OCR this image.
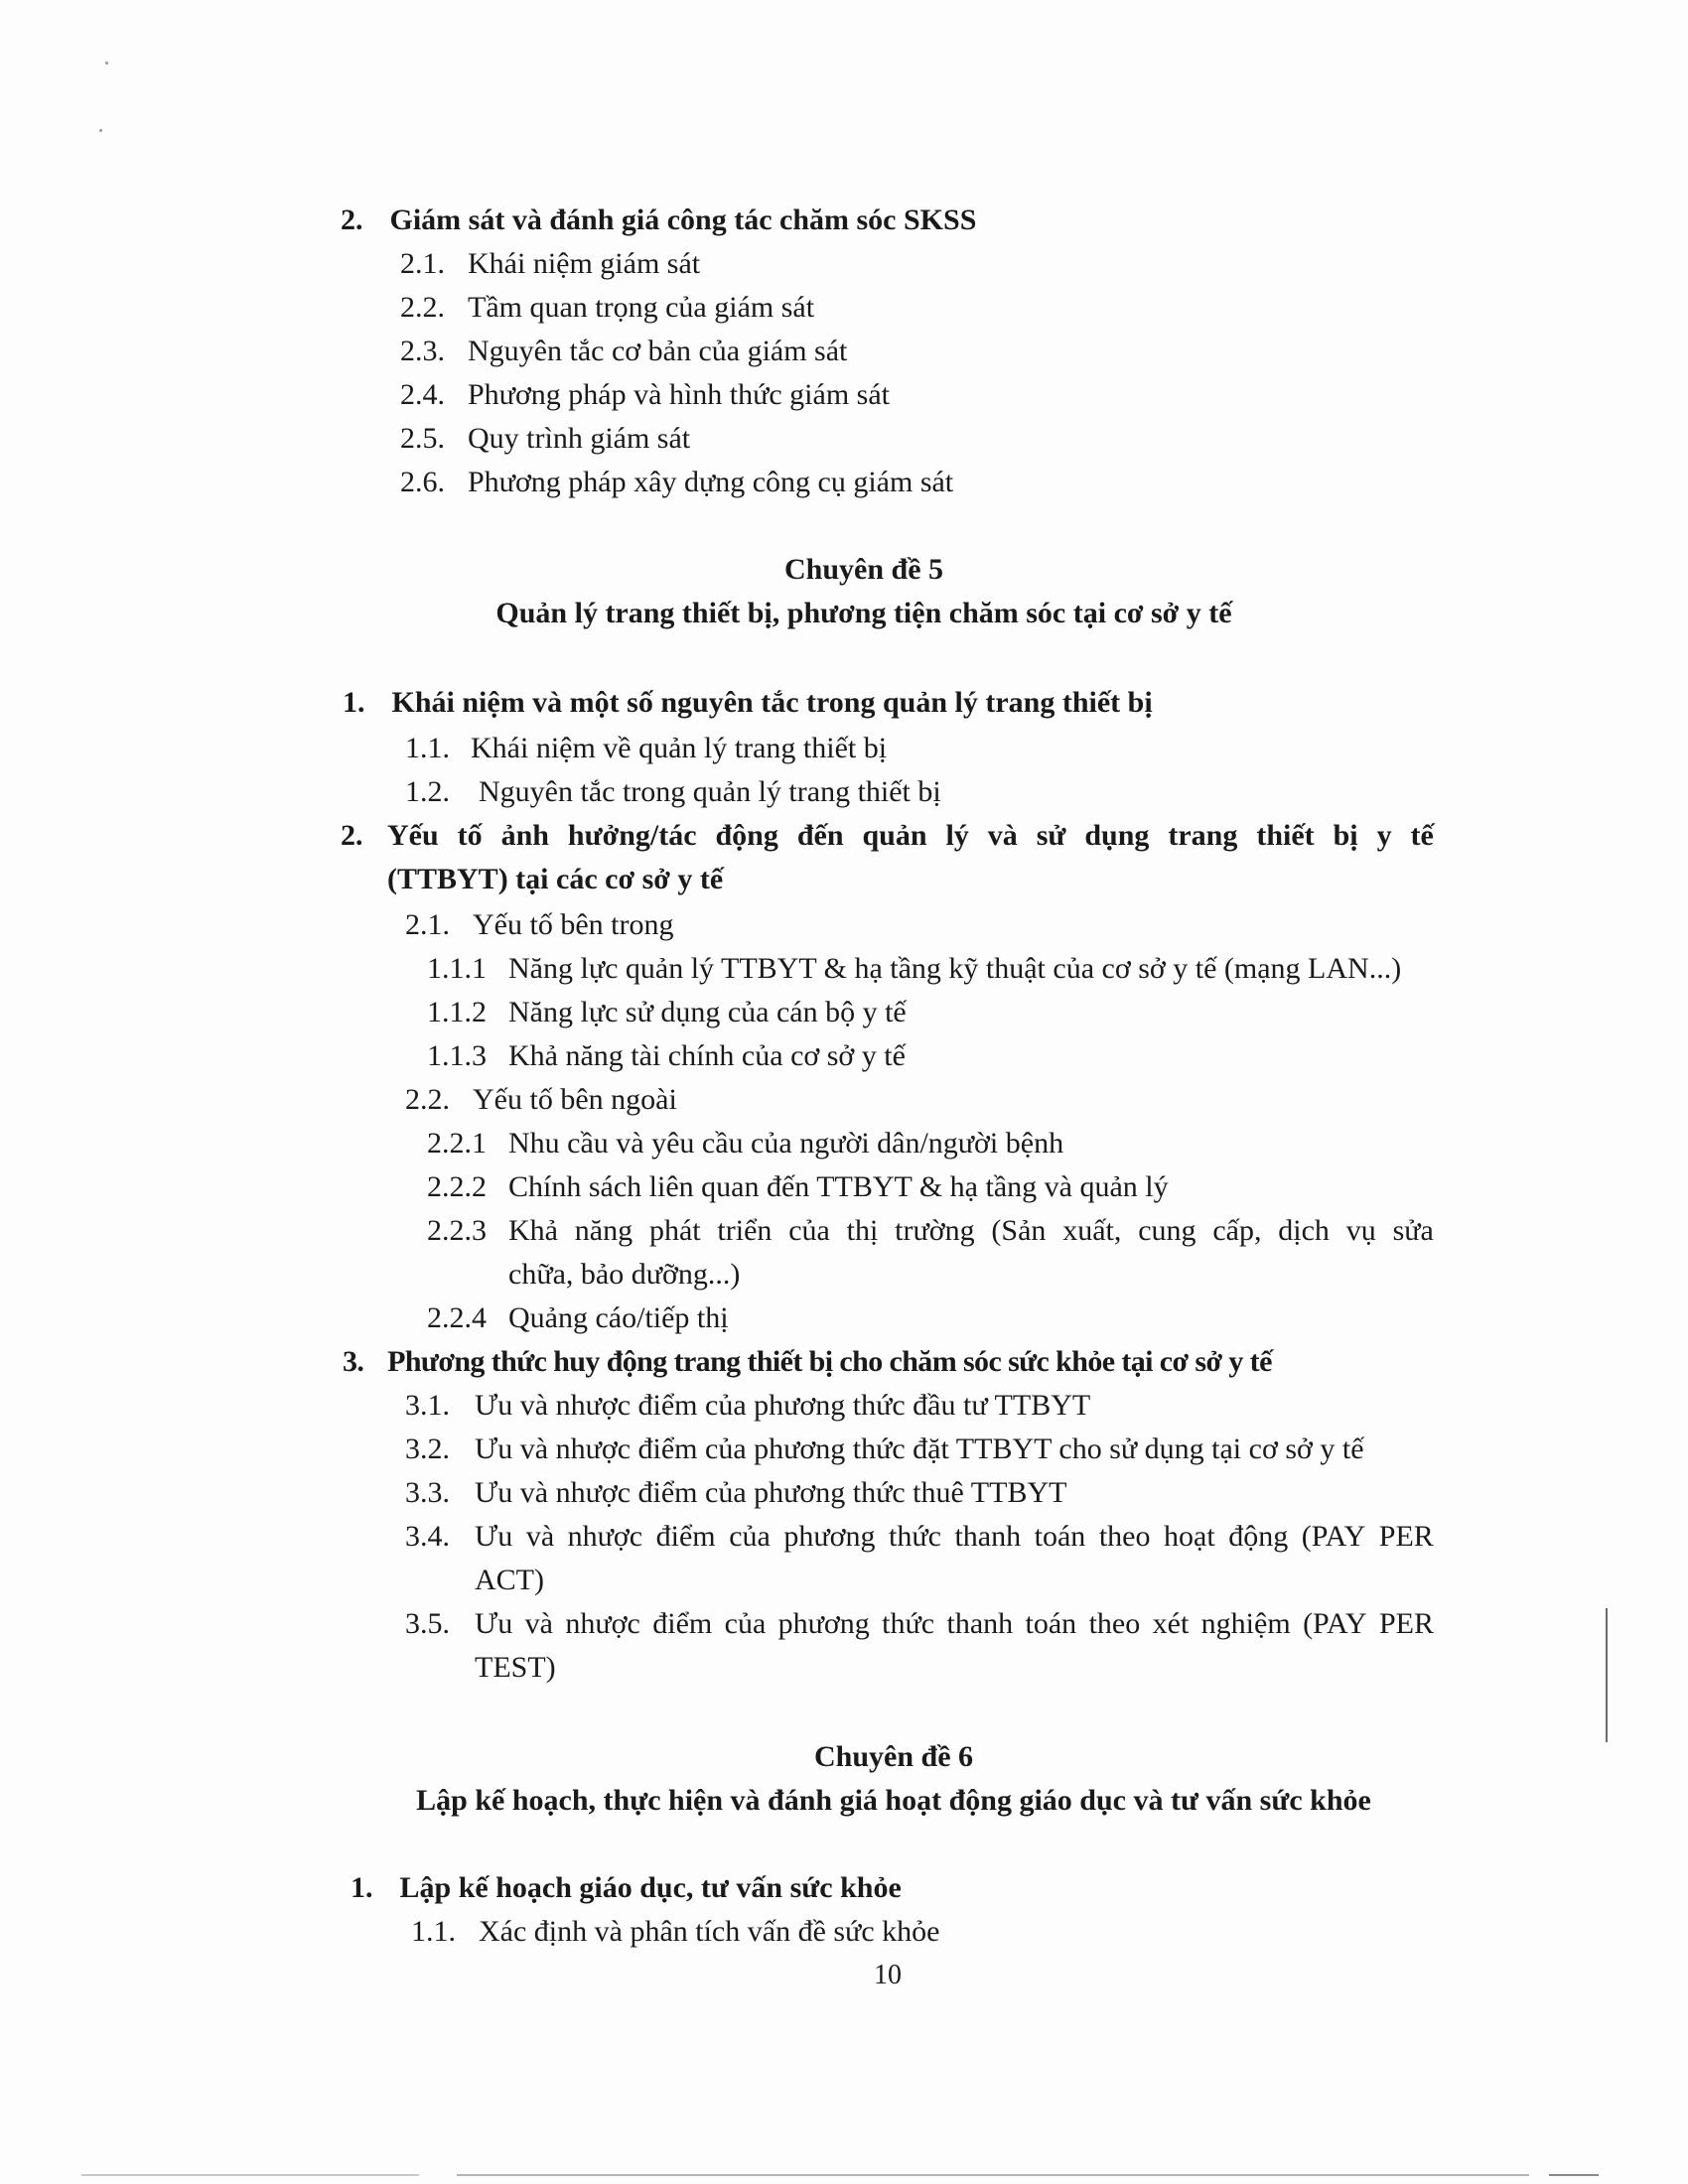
2. Giám sát và đánh giá công tác chăm sóc SKSS
2.1. Khái niệm giám sát
2.2. Tầm quan trọng của giám sát
2.3. Nguyên tắc cơ bản của giám sát
2.4. Phương pháp và hình thức giám sát
2.5. Quy trình giám sát
2.6. Phương pháp xây dựng công cụ giám sát
Chuyên đề 5
Quản lý trang thiết bị, phương tiện chăm sóc tại cơ sở y tế
1. Khái niệm và một số nguyên tắc trong quản lý trang thiết bị
1.1. Khái niệm về quản lý trang thiết bị
1.2. Nguyên tắc trong quản lý trang thiết bị
2. Yếu tố ảnh hưởng/tác động đến quản lý và sử dụng trang thiết bị y tế
(TTBYT) tại các cơ sở y tế
2.1. Yếu tố bên trong
1.1.1 Năng lực quản lý TTBYT & hạ tầng kỹ thuật của cơ sở y tế (mạng LAN...)
1.1.2 Năng lực sử dụng của cán bộ y tế
1.1.3 Khả năng tài chính của cơ sở y tế
2.2. Yếu tố bên ngoài
2.2.1 Nhu cầu và yêu cầu của người dân/người bệnh
2.2.2 Chính sách liên quan đến TTBYT & hạ tầng và quản lý
2.2.3 Khả năng phát triển của thị trường (Sản xuất, cung cấp, dịch vụ sửa
chữa, bảo dưỡng...)
2.2.4 Quảng cáo/tiếp thị
3. Phương thức huy động trang thiết bị cho chăm sóc sức khỏe tại cơ sở y tế
3.1. Ưu và nhược điểm của phương thức đầu tư TTBYT
3.2. Ưu và nhược điểm của phương thức đặt TTBYT cho sử dụng tại cơ sở y tế
3.3. Ưu và nhược điểm của phương thức thuê TTBYT
3.4. Ưu và nhược điểm của phương thức thanh toán theo hoạt động (PAY PER
ACT)
3.5. Ưu và nhược điểm của phương thức thanh toán theo xét nghiệm (PAY PER
TEST)
Chuyên đề 6
Lập kế hoạch, thực hiện và đánh giá hoạt động giáo dục và tư vấn sức khỏe
1. Lập kế hoạch giáo dục, tư vấn sức khỏe
1.1. Xác định và phân tích vấn đề sức khỏe
10
